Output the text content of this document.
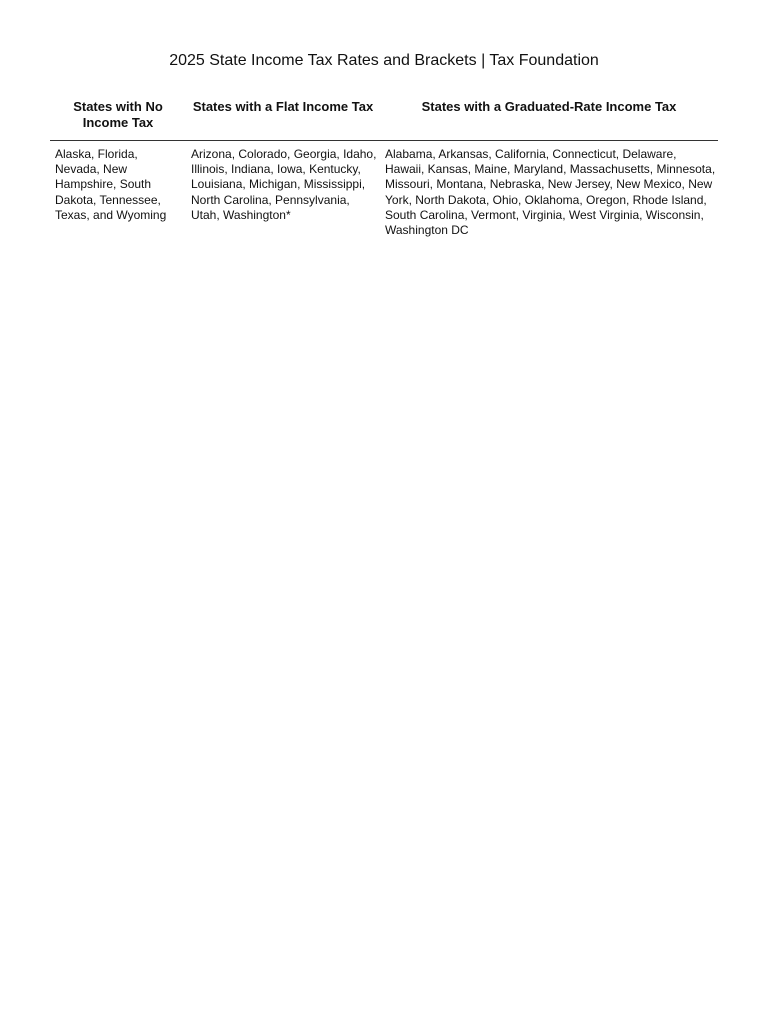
2025 State Income Tax Rates and Brackets | Tax Foundation
States with No Income Tax
States with a Flat Income Tax	States with a Graduated-Rate Income Tax
Alaska, Florida, Nevada, New Hampshire, South Dakota, Tennessee, Texas, and Wyoming
Arizona, Colorado, Georgia, Idaho, Illinois, Indiana, Iowa, Kentucky, Louisiana, Michigan, Mississippi, North Carolina, Pennsylvania, Utah, Washington*
Alabama, Arkansas, California, Connecticut, Delaware, Hawaii, Kansas, Maine, Maryland, Massachusetts, Minnesota, Missouri, Montana, Nebraska, New Jersey, New Mexico, New York, North Dakota, Ohio, Oklahoma, Oregon, Rhode Island, South Carolina, Vermont, Virginia, West Virginia, Wisconsin, Washington DC
